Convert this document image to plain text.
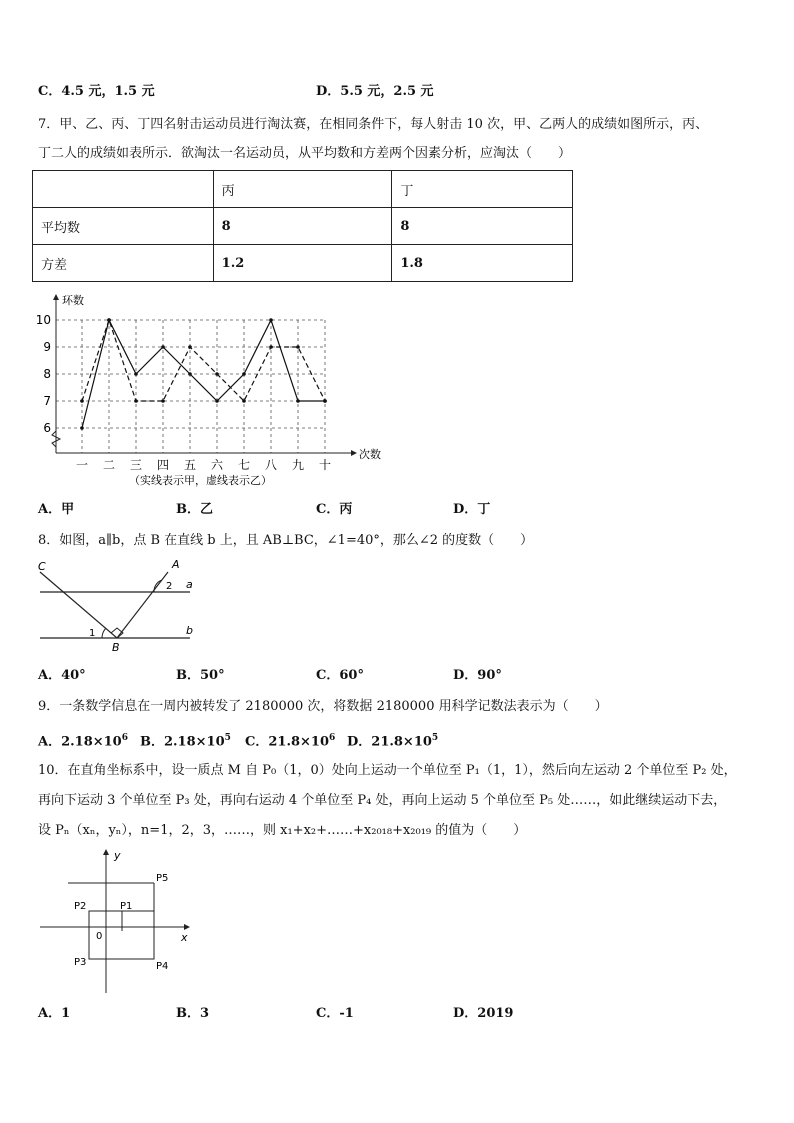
C．4.5 元，1.5 元	D．5.5 元，2.5 元
7．甲、乙、丙、丁四名射击运动员进行淘汰赛，在相同条件下，每人射击 10 次，甲、乙两人的成绩如图所示，丙、
丁二人的成绩如表所示．欲淘汰一名运动员，从平均数和方差两个因素分析，应淘汰（　　）
	丙	丁
平均数	8	8
方差	1.2	1.8
6
7
8
9
10
一 二 三 四 五 六 七 八 九 十
环数
次数
（实线表示甲，虚线表示乙）
A．甲	B．乙	C．丙	D．丁
8．如图，a∥b，点 B 在直线 b 上，且 AB⊥BC，∠1=40°，那么∠2 的度数（　　）
C	A
2 a
1
B
b
A．40°	B．50°	C．60°	D．90°
9．一条数学信息在一周内被转发了 2180000 次，将数据 2180000 用科学记数法表示为（　　）
A．$2.18\times 10^6$ B．$2.18\times 10^5$ C．$21.8\times 10^6$ D．$21.8\times 10^5$
10．在直角坐标系中，设一质点 M 自 P₀（1，0）处向上运动一个单位至 P₁（1，1），然后向左运动 2 个单位至 P₂ 处，
再向下运动 3 个单位至 P₃ 处，再向右运动 4 个单位至 P₄ 处，再向上运动 5 个单位至 P₅ 处……，如此继续运动下去，
设 Pₙ（xₙ，yₙ），n=1，2，3，……，则 x₁+x₂+……+x₂₀₁₈+x₂₀₁₉ 的值为（　　）
y
x
0
P5
P2	P1
P3	P4
A．1	B．3	C．-1	D．2019
